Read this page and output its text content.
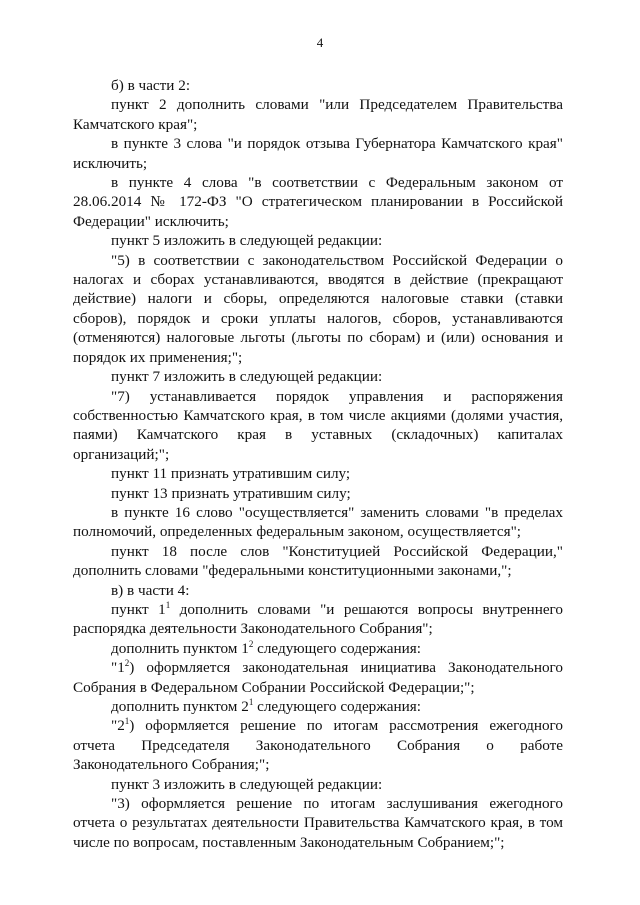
4

б) в части 2:

пункт 2 дополнить словами "или Председателем Правительства Камчатского края";

в пункте 3 слова "и порядок отзыва Губернатора Камчатского края" исключить;

в пункте 4 слова "в соответствии с Федеральным законом от 28.06.2014 № 172-ФЗ "О стратегическом планировании в Российской Федерации" исключить;

пункт 5 изложить в следующей редакции:

"5) в соответствии с законодательством Российской Федерации о налогах и сборах устанавливаются, вводятся в действие (прекращают действие) налоги и сборы, определяются налоговые ставки (ставки сборов), порядок и сроки уплаты налогов, сборов, устанавливаются (отменяются) налоговые льготы (льготы по сборам) и (или) основания и порядок их применения;";

пункт 7 изложить в следующей редакции:

"7) устанавливается порядок управления и распоряжения собственностью Камчатского края, в том числе акциями (долями участия, паями) Камчатского края в уставных (складочных) капиталах организаций;";

пункт 11 признать утратившим силу;

пункт 13 признать утратившим силу;

в пункте 16 слово "осуществляется" заменить словами "в пределах полномочий, определенных федеральным законом, осуществляется";

пункт 18 после слов "Конституцией Российской Федерации," дополнить словами "федеральными конституционными законами,";

в) в части 4:

пункт $1^1$ дополнить словами "и решаются вопросы внутреннего распорядка деятельности Законодательного Собрания";

дополнить пунктом $1^2$ следующего содержания:

"$1^2$) оформляется законодательная инициатива Законодательного Собрания в Федеральном Собрании Российской Федерации;";

дополнить пунктом $2^1$ следующего содержания:

"$2^1$) оформляется решение по итогам рассмотрения ежегодного отчета Председателя Законодательного Собрания о работе Законодательного Собрания;";

пункт 3 изложить в следующей редакции:

"3) оформляется решение по итогам заслушивания ежегодного отчета о результатах деятельности Правительства Камчатского края, в том числе по вопросам, поставленным Законодательным Собранием;";
